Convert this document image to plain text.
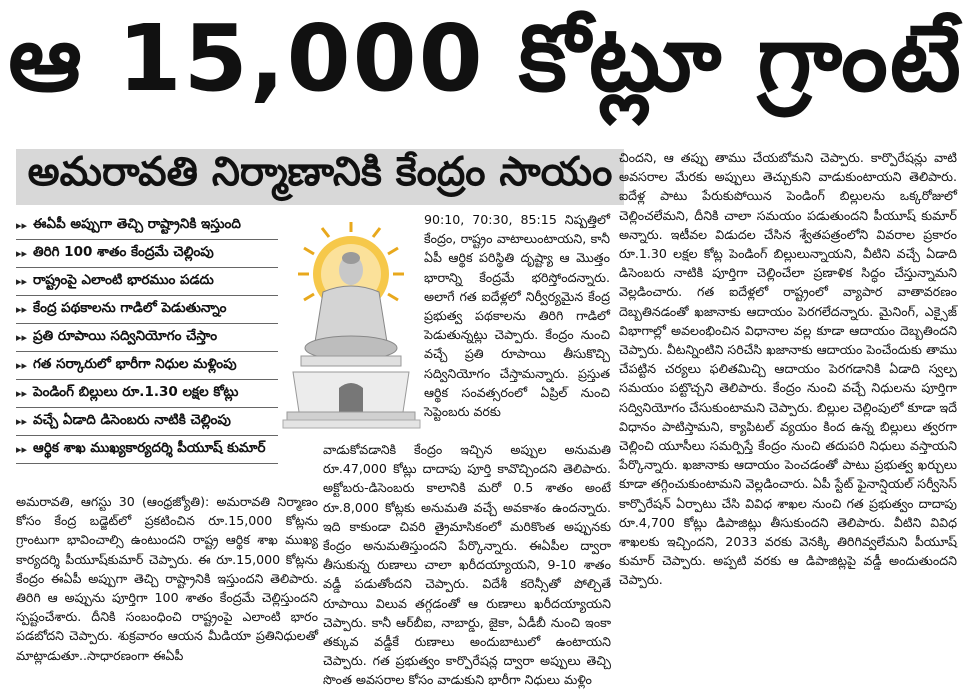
ఆ 15,000 కోట్లూ గ్రాంటే
అమరావతి నిర్మాణానికి కేంద్రం సాయం
▸▸ ఈఏపీ అప్పుగా తెచ్చి రాష్ట్రానికి ఇస్తుంది
▸▸ తిరిగి 100 శాతం కేంద్రమే చెల్లింపు
▸▸ రాష్ట్రంపై ఎలాంటి భారముం పడదు
▸▸ కేంద్ర పథకాలను గాడిలో పెడుతున్నాం
▸▸ ప్రతి రూపాయి సద్వినియోగం చేస్తాం
▸▸ గత సర్కారులో భారీగా నిధుల మళ్లింపు
▸▸ పెండింగ్ బిల్లులు రూ.1.30 లక్షల కోట్లు
▸▸ వచ్చే ఏడాది డిసెంబరు నాటికి చెల్లింపు
▸▸ ఆర్థిక శాఖ ముఖ్యకార్యదర్శి పీయూష్ కుమార్
అమరావతి, ఆగస్టు 30 (ఆంధ్రజ్యోతి): అమరావతి నిర్మాణం కోసం కేంద్ర బడ్జెట్‌లో ప్రకటించిన రూ.15,000 కోట్లను గ్రాంటుగా భావించాల్సి ఉంటుందని రాష్ట్ర ఆర్థిక శాఖ ముఖ్య కార్యదర్శి పీయూష్‌కుమార్ చెప్పారు. ఈ రూ.15,000 కోట్లను కేంద్రం ఈఏపీ అప్పుగా తెచ్చి రాష్ట్రానికి ఇస్తుందని తెలిపారు. తిరిగి ఆ అప్పును పూర్తిగా 100 శాతం కేంద్రమే చెల్లిస్తుందని స్పష్టంచేశారు. దీనికి సంబంధించి రాష్ట్రంపై ఎలాంటి భారం పడబోదని చెప్పారు. శుక్రవారం ఆయన మీడియా ప్రతినిధులతో మాట్లాడుతూ..సాధారణంగా ఈఏపీ
90:10, 70:30, 85:15 నిష్పత్తిలో కేంద్రం, రాష్ట్రం వాటాలుంటాయని, కానీ ఏపీ ఆర్థిక పరిస్థితి దృష్ట్యా ఆ మొత్తం భారాన్ని కేంద్రమే భరిస్తోందన్నారు. అలాగే గత ఐదేళ్లలో నిర్వీర్యమైన కేంద్ర ప్రభుత్వ పథకాలను తిరిగి గాడిలో పెడుతున్నట్లు చెప్పారు. కేంద్రం నుంచి వచ్చే ప్రతి రూపాయి తీసుకొచ్చి సద్వినియోగం చేస్తామన్నారు. ప్రస్తుత ఆర్థిక సంవత్సరంలో ఏప్రిల్ నుంచి సెప్టెంబరు వరకు
వాడుకోవడానికి కేంద్రం ఇచ్చిన అప్పుల అనుమతి రూ.47,000 కోట్లు దాదాపు పూర్తి కావొచ్చిందని తెలిపారు. అక్టోబరు-డిసెంబరు కాలానికి మరో 0.5 శాతం అంటే రూ.8,000 కోట్లకు అనుమతి వచ్చే అవకాశం ఉందన్నారు. ఇది కాకుండా చివరి త్రైమాసికంలో మరికొంత అప్పునకు కేంద్రం అనుమతిస్తుందని పేర్కొన్నారు. ఈఏపీల ద్వారా తీసుకున్న రుణాలు చాలా ఖరీదయ్యాయని, 9-10 శాతం వడ్డీ పడుతోందని చెప్పారు. విదేశీ కరెన్సీతో పోల్చితే రూపాయి విలువ తగ్గడంతో ఆ రుణాలు ఖరీదయ్యాయని చెప్పారు. కానీ ఆర్‌బీఐ, నాబార్డు, జైకా, ఏడీబీ నుంచి ఇంకా తక్కువ వడ్డీకే రుణాలు అందుబాటులో ఉంటాయని చెప్పారు. గత ప్రభుత్వం కార్పొరేషన్ల ద్వారా అప్పులు తెచ్చి సొంత అవసరాల కోసం వాడుకుని భారీగా నిధులు మళ్లిం
చిందని, ఆ తప్పు తాము చేయబోమని చెప్పారు. కార్పొరేషన్లు వాటి అవసరాల మేరకు అప్పులు తెచ్చుకుని వాడుకుంటాయని తెలిపారు. ఐదేళ్ల పాటు పేరుకుపోయిన పెండింగ్ బిల్లులను ఒక్కరోజులో చెల్లించలేమని, దీనికి చాలా సమయం పడుతుందని పీయూష్ కుమార్ అన్నారు. ఇటీవల విడుదల చేసిన శ్వేతపత్రంలోని వివరాల ప్రకారం రూ.1.30 లక్షల కోట్ల పెండింగ్ బిల్లులున్నాయని, వీటిని వచ్చే ఏడాది డిసెంబరు నాటికి పూర్తిగా చెల్లించేలా ప్రణాళిక సిద్ధం చేస్తున్నామని వెల్లడించారు. గత ఐదేళ్లలో రాష్ట్రంలో వ్యాపార వాతావరణం దెబ్బతినడంతో ఖజానాకు ఆదాయం పెరగలేదన్నారు. మైనింగ్, ఎక్సైజ్ విభాగాల్లో అవలంభించిన విధానాల వల్ల కూడా ఆదాయం దెబ్బతిందని చెప్పారు. వీటన్నింటిని సరిచేసి ఖజానాకు ఆదాయం పెంచేందుకు తాము చేపట్టిన చర్యలు ఫలితమిచ్చి ఆదాయం పెరగడానికి ఏడాది స్వల్ప సమయం పట్టొచ్చని తెలిపారు. కేంద్రం నుంచి వచ్చే నిధులను పూర్తిగా సద్వినియోగం చేసుకుంటామని చెప్పారు. బిల్లుల చెల్లింపులో కూడా ఇదే విధానం పాటిస్తామని, క్యాపిటల్ వ్యయం కింద ఉన్న బిల్లులు త్వరగా చెల్లించి యూసీలు సమర్పిస్తే కేంద్రం నుంచి తదుపరి నిధులు వస్తాయని పేర్కొన్నారు. ఖజానాకు ఆదాయం పెంచడంతో పాటు ప్రభుత్వ ఖర్చులు కూడా తగ్గించుకుంటామని వెల్లడించారు. ఏపీ స్టేట్ ఫైనాన్షియల్ సర్వీసెస్ కార్పొరేషన్ ఏర్పాటు చేసి వివిధ శాఖల నుంచి గత ప్రభుత్వం దాదాపు రూ.4,700 కోట్లు డిపాజిట్లు తీసుకుందని తెలిపారు. వీటిని వివిధ శాఖలకు ఇచ్చిందని, 2033 వరకు వెనక్కి తిరిగివ్వలేమని పీయూష్ కుమార్ చెప్పారు. అప్పటి వరకు ఆ డిపాజిట్లపై వడ్డీ అందుతుందని చెప్పారు.
